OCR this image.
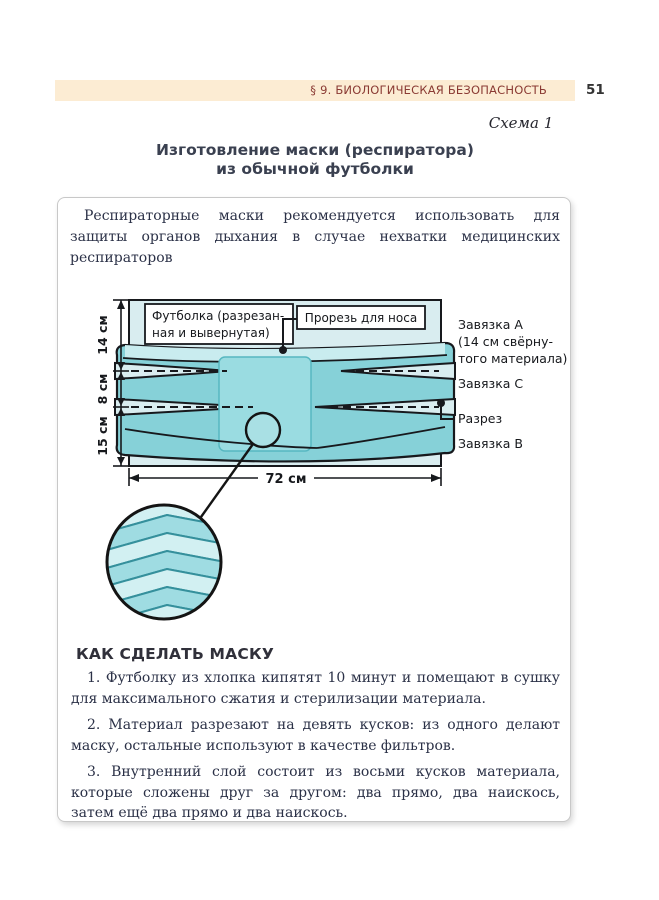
§ 9. БИОЛОГИЧЕСКАЯ БЕЗОПАСНОСТЬ	51
Схема 1
Изготовление маски (респиратора)
из обычной футболки
Респираторные маски рекомендуется использовать для защиты органов дыхания в случае нехватки медицинских респираторов
14 см
8 см
15 см
72 см
Футболка (разрезан-
ная и вывернутая)
Прорезь для носа	Завязка А
(14 см свёрну-
того материала)
Завязка С
Разрез
Завязка В
КАК СДЕЛАТЬ МАСКУ

1. Футболку из хлопка кипятят 10 минут и помещают в сушку для максимального сжатия и стерилизации материала.

2. Материал разрезают на девять кусков: из одного делают маску, остальные используют в качестве фильтров.

3. Внутренний слой состоит из восьми кусков материала, которые сложены друг за другом: два прямо, два наискось, затем ещё два прямо и два наискось.
